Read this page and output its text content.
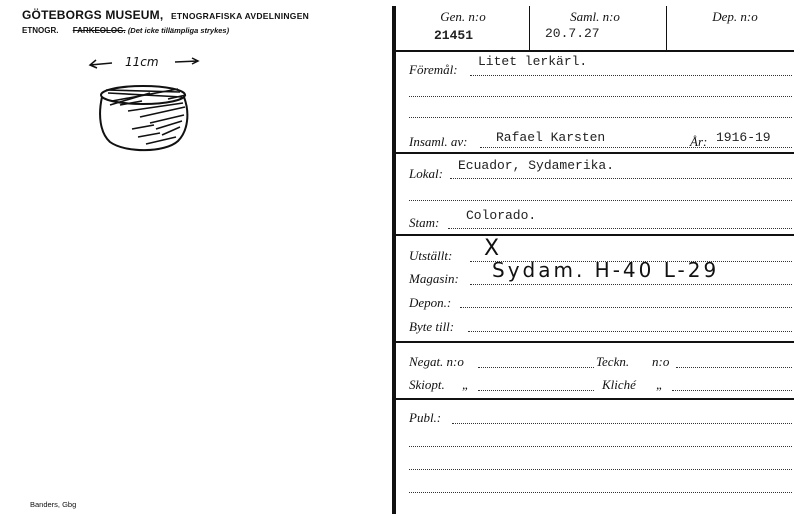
GÖTEBORGS MUSEUM, ETNOGRAFISKA AVDELNINGEN
ETNOGR. FARKEOLOG. (Det icke tillämpliga strykes)
11cm
Banders, Gbg
Gen. n:o
21451
Saml. n:o
20.7.27
Dep. n:o
Föremål:
Litet lerkärl.
Insaml. av: Rafael Karsten	År: 1916-19
Lokal:
Ecuador, Sydamerika.
Stam: Colorado.
Utställt: X
Magasin: Sydam. H-40 L-29
Depon.:
Byte till:
Negat. n:o	Teckn. n:o
Skiopt. „	Kliché „
Publ.:
